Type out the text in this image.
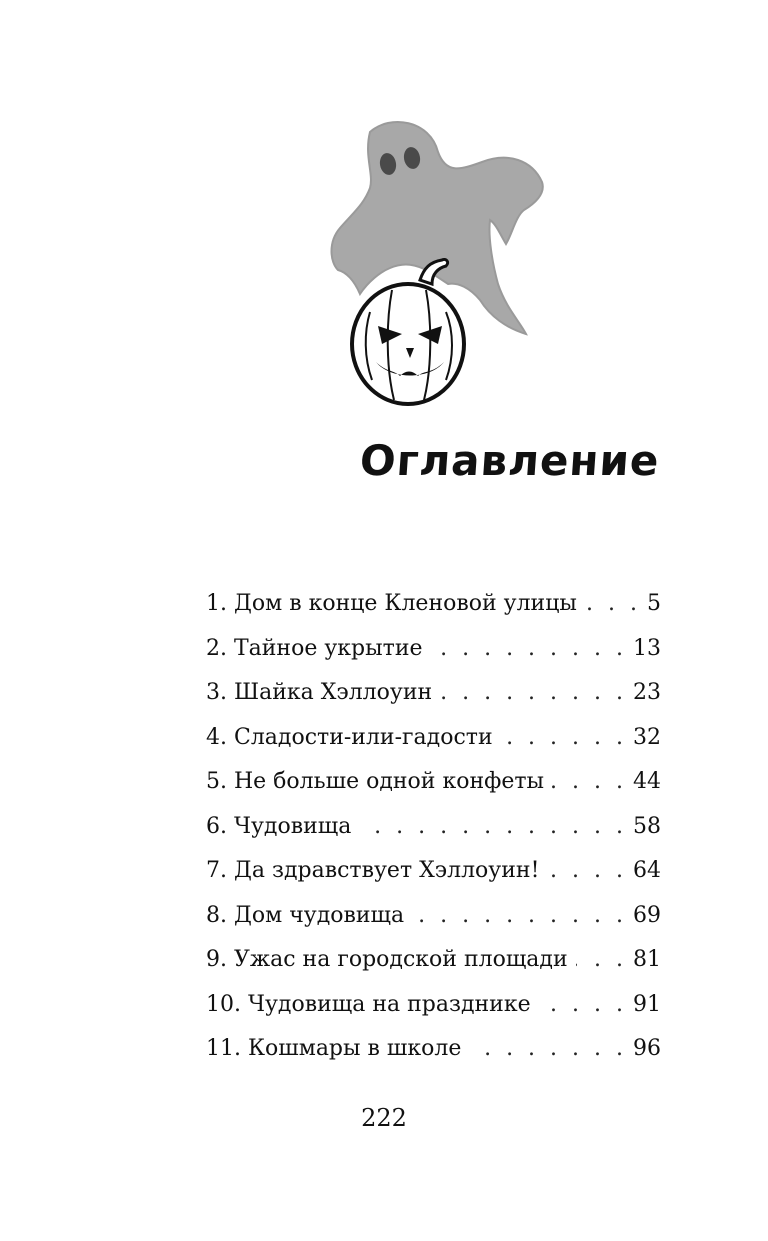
Оглавление
1. Дом в конце Кленовой улицы . . .	5
2. Тайное укрытие . . .	13
3. Шайка Хэллоуин . . .	23
4. Сладости-или-гадости . . .	32
5. Не больше одной конфеты . . .	44
6. Чудовища . . .	58
7. Да здравствует Хэллоуин! . . .	64
8. Дом чудовища . . .	69
9. Ужас на городской площади . . .	81
10. Чудовища на празднике . . .	91
11. Кошмары в школе . . .	96
222
